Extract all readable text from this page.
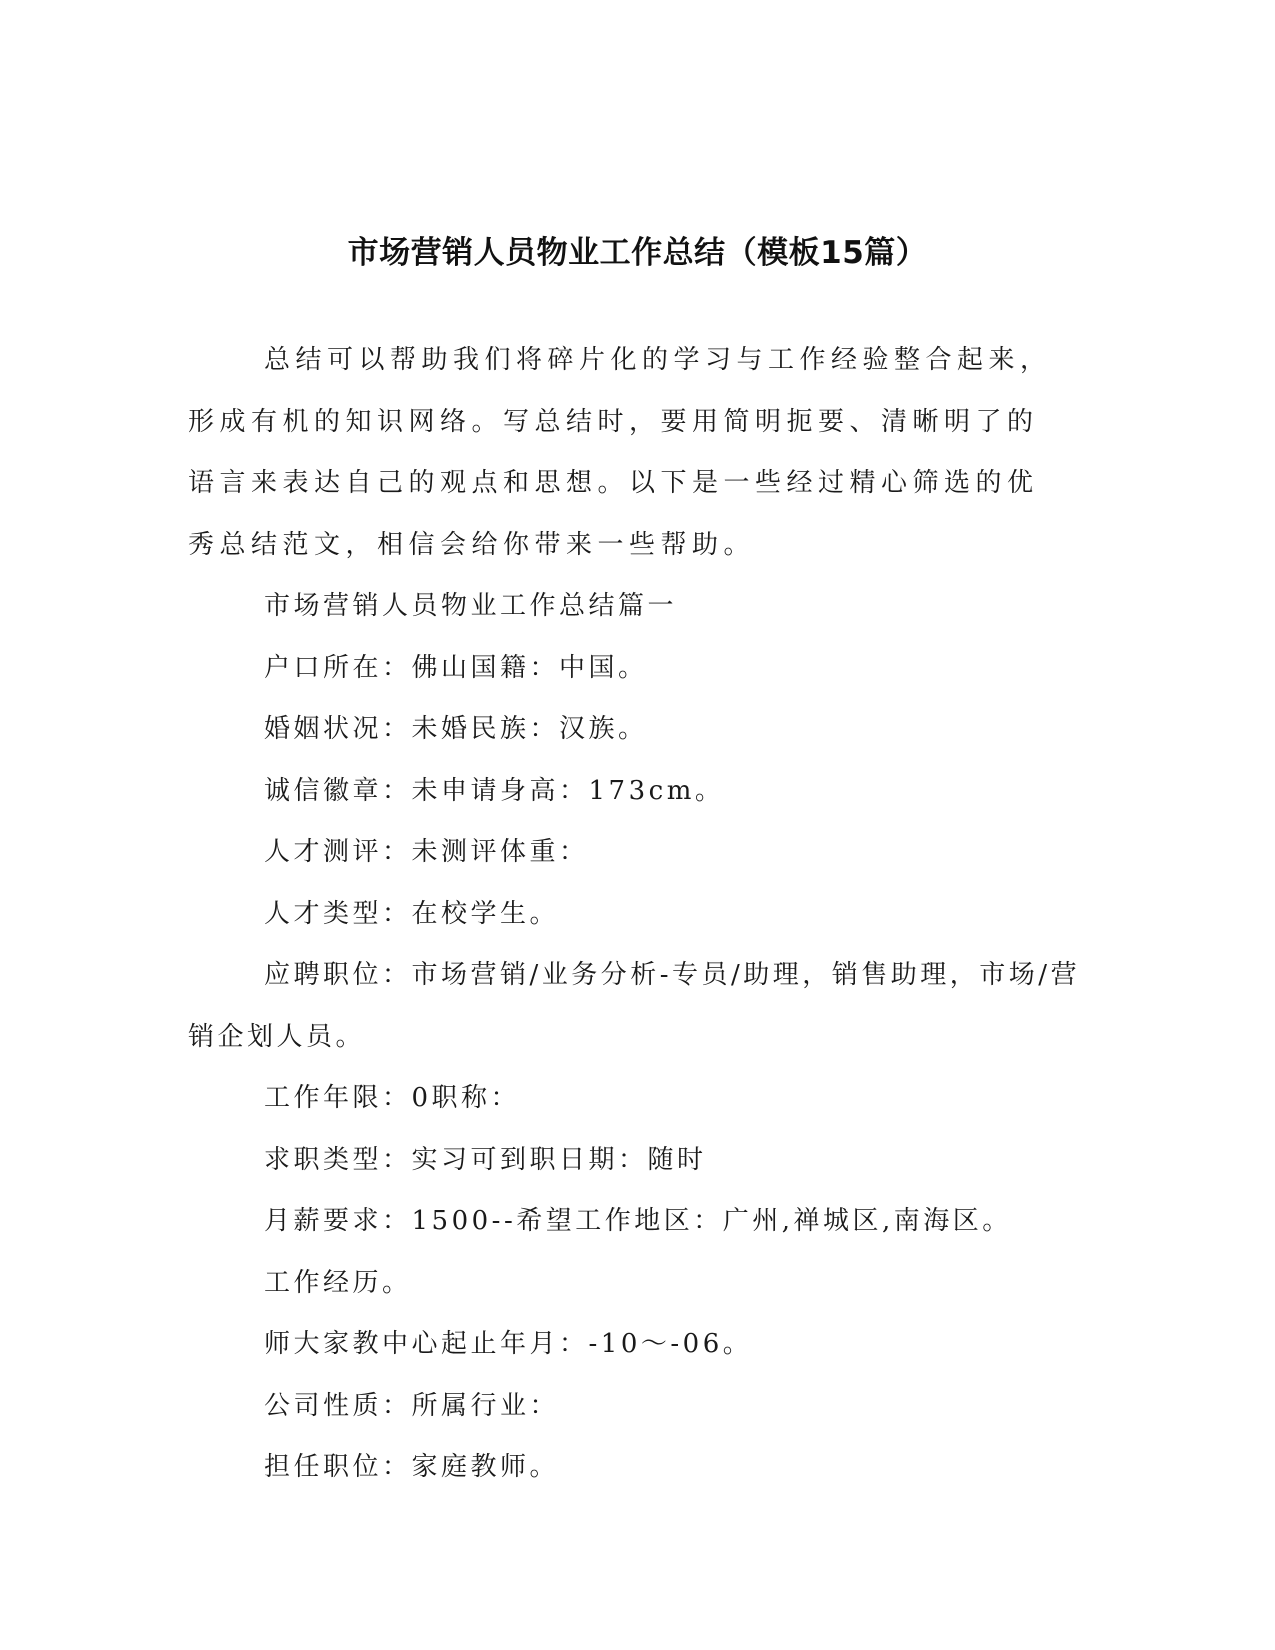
市场营销人员物业工作总结（模板15篇）

总结可以帮助我们将碎片化的学习与工作经验整合起来，形成有机的知识网络。写总结时，要用简明扼要、清晰明了的语言来表达自己的观点和思想。以下是一些经过精心筛选的优秀总结范文，相信会给你带来一些帮助。

市场营销人员物业工作总结篇一
户口所在：佛山国籍：中国。
婚姻状况：未婚民族：汉族。
诚信徽章：未申请身高：173cm。
人才测评：未测评体重：
人才类型：在校学生。
应聘职位：市场营销/业务分析-专员/助理，销售助理，市场/营销企划人员。
工作年限：0职称：
求职类型：实习可到职日期：随时
月薪要求：1500--希望工作地区：广州,禅城区,南海区。
工作经历。
师大家教中心起止年月：-10～-06。
公司性质：所属行业：
担任职位：家庭教师。
